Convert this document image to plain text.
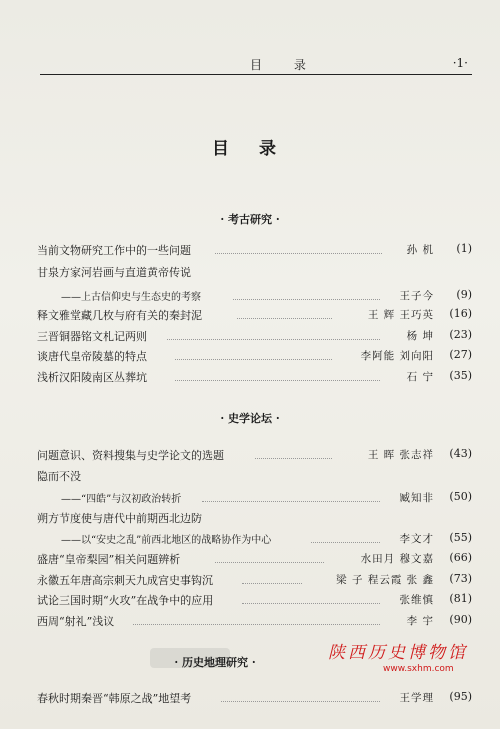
目 录	·1·
目 录
· 考古研究 ·
当前文物研究工作中的一些问题	孙 机 (1)
甘泉方家河岩画与直道黄帝传说
——上古信仰史与生态史的考察	王子今 (9)
释文雅堂藏几枚与府有关的秦封泥	王 辉 王巧英 (16)
三晋铜器铭文札记两则	杨 坤 (23)
谈唐代皇帝陵墓的特点	李阿能 刘向阳 (27)
浅析汉阳陵南区丛葬坑	石 宁 (35)
· 史学论坛 ·
问题意识、资料搜集与史学论文的选题	王 晖 张志祥 (43)
隐而不没
——“四皓”与汉初政治转折	臧知非 (50)
朔方节度使与唐代中前期西北边防
——以“安史之乱”前西北地区的战略协作为中心	李文才 (55)
盛唐“皇帝梨园”相关问题辨析	水田月 穆文嘉 (66)
永徽五年唐高宗刺天九成宫史事钩沉	梁 子 程云霞 张 鑫 (73)
试论三国时期“火攻”在战争中的应用	张维慎 (81)
西周“射礼”浅议	李 宇 (90)
· 历史地理研究 ·	陕西历史博物馆
www.sxhm.com
春秋时期秦晋“韩原之战”地望考	王学理 (95)
